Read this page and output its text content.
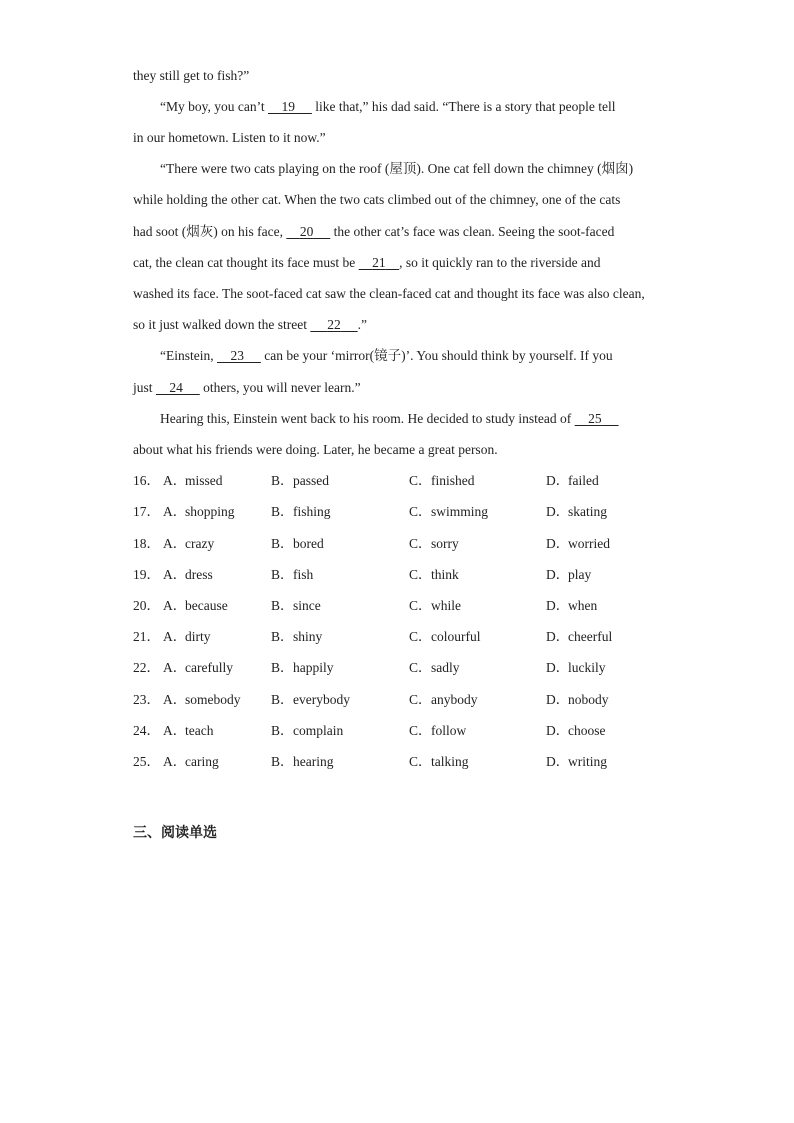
they still get to fish?”
“My boy, you can’t     19      like that,” his dad said. “There is a story that people tell
in our hometown. Listen to it now.”
“There were two cats playing on the roof (屋顶). One cat fell down the chimney (烟囱)
while holding the other cat. When the two cats climbed out of the chimney, one of the cats
had soot (烟灰) on his face,     20      the other cat’s face was clean. Seeing the soot-faced
cat, the clean cat thought its face must be     21 , so it quickly ran to the riverside and
washed its face. The soot-faced cat saw the clean-faced cat and thought its face was also clean,
so it just walked down the street      22 .”
“Einstein,     23      can be your ‘mirror(镜子)’. You should think by yourself. If you
just     24      others, you will never learn.”
Hearing this, Einstein went back to his room. He decided to study instead of     25
about what his friends were doing. Later, he became a great person.
16． A．missed	B．passed	C．finished	D．failed
17． A．shopping	B．fishing	C．swimming	D．skating
18． A．crazy	B．bored	C．sorry	D．worried
19． A．dress	B．fish	C．think	D．play
20． A．because	B．since	C．while	D．when
21． A．dirty	B．shiny	C．colourful	D．cheerful
22． A．carefully	B．happily	C．sadly	D．luckily
23． A．somebody B．everybody	C．anybody	D．nobody
24． A．teach	B．complain	C．follow	D．choose
25． A．caring	B．hearing	C．talking	D．writing
三、阅读单选
